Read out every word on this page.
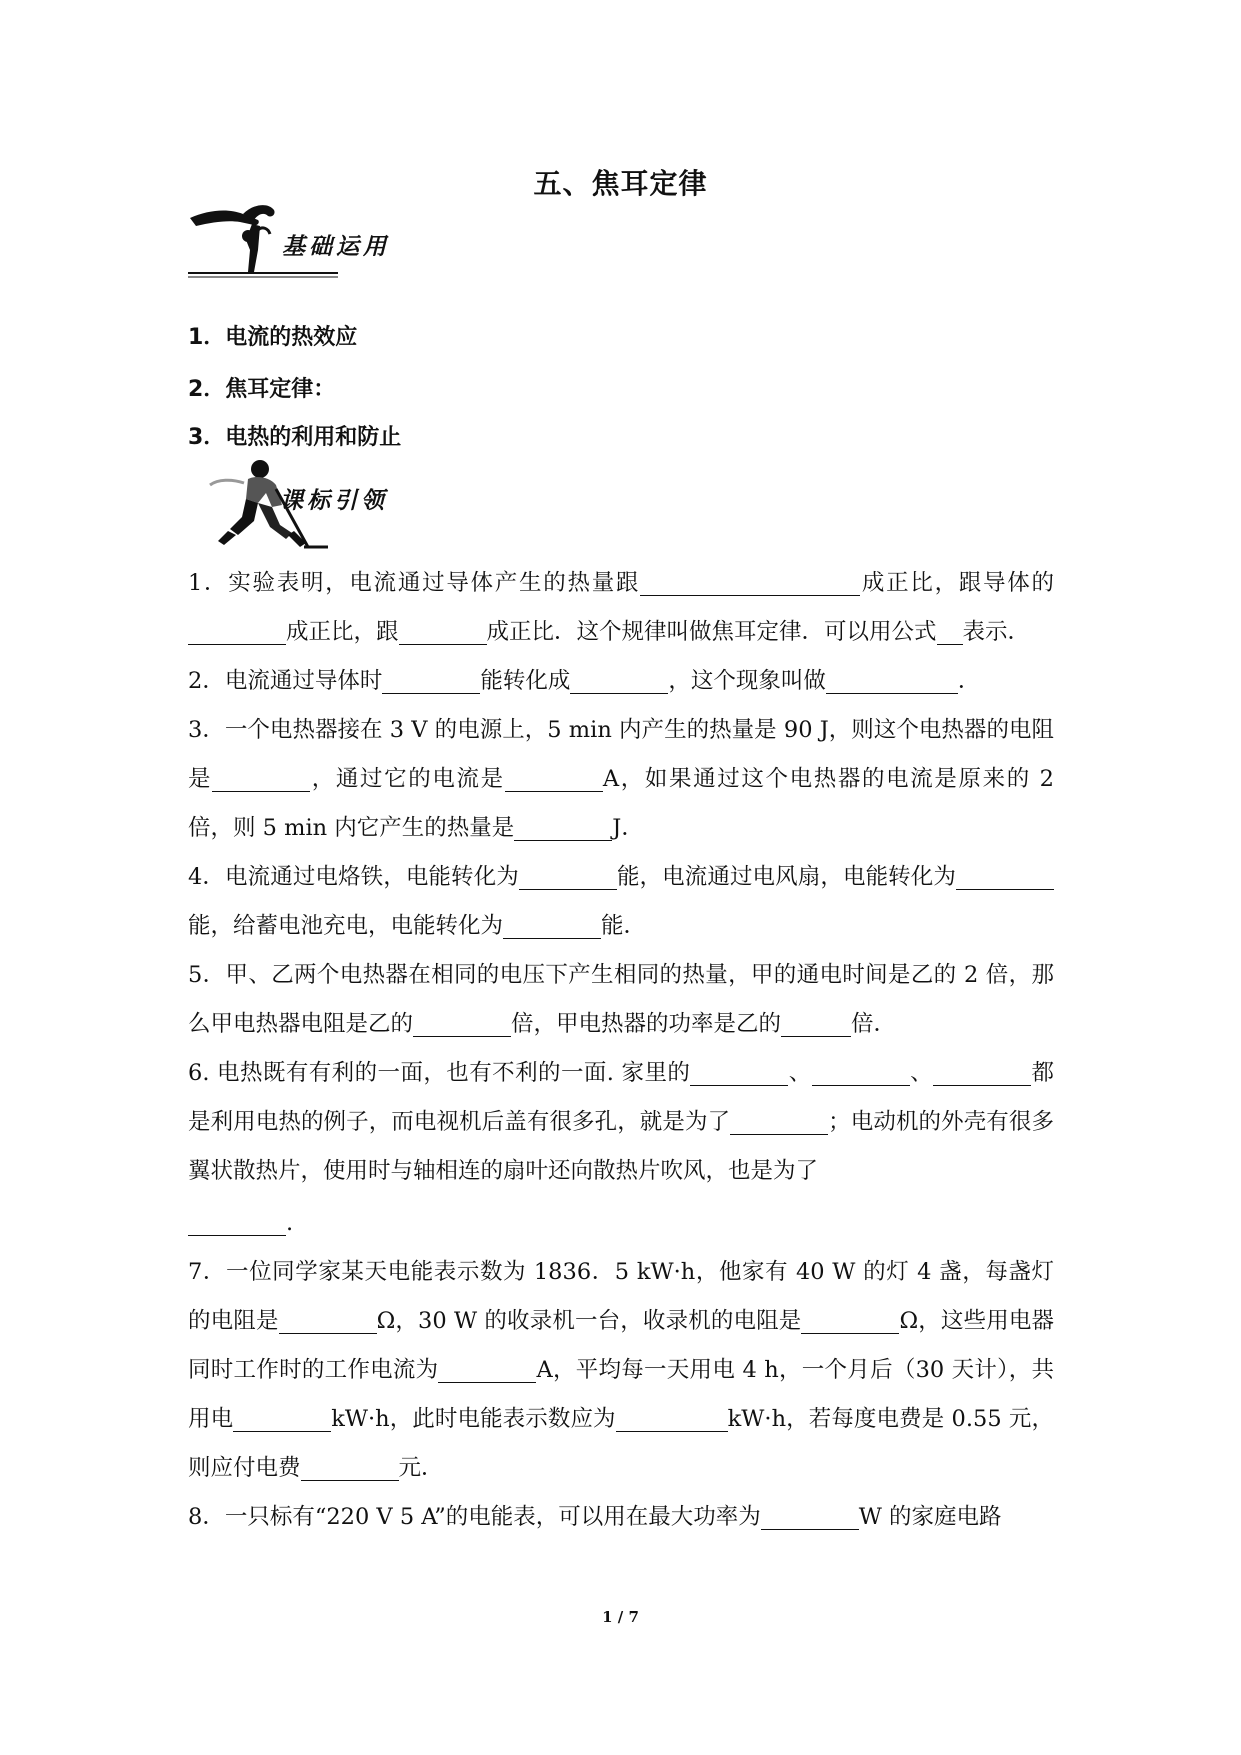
五、焦耳定律
基础运用
1．电流的热效应
2．焦耳定律：
3．电热的利用和防止
课标引领

1．实验表明，电流通过导体产生的热量跟	成正比，跟导体的成正比，跟	成正比．这个规律叫做焦耳定律．可以用公式 表示．

2．电流通过导体时	能转化成	，这个现象叫做	．

3．一个电热器接在 3 V 的电源上，5 min 内产生的热量是 90 J，则这个电热器的电阻是	，通过它的电流是	A，如果通过这个电热器的电流是原来的 2 倍，则 5 min 内它产生的热量是	J．

4．电流通过电烙铁，电能转化为	能，电流通过电风扇，电能转化为能，给蓄电池充电，电能转化为	能．

5．甲、乙两个电热器在相同的电压下产生相同的热量，甲的通电时间是乙的 2 倍，那么甲电热器电阻是乙的	倍，甲电热器的功率是乙的	倍．

6. 电热既有有利的一面，也有不利的一面. 家里的	、	、	都是利用电热的例子，而电视机后盖有很多孔，就是为了	；电动机的外壳有很多翼状散热片，使用时与轴相连的扇叶还向散热片吹风，也是为了
.

7．一位同学家某天电能表示数为 1836．5 kW·h，他家有 40 W 的灯 4 盏，每盏灯的电阻是	Ω，30 W 的收录机一台，收录机的电阻是	Ω，这些用电器同时工作时的工作电流为	A，平均每一天用电 4 h，一个月后（30 天计），共用电	kW·h，此时电能表示数应为	kW·h，若每度电费是 0.55 元，则应付电费	元．

8．一只标有“220 V 5 A”的电能表，可以用在最大功率为	W 的家庭电路

1 / 7
